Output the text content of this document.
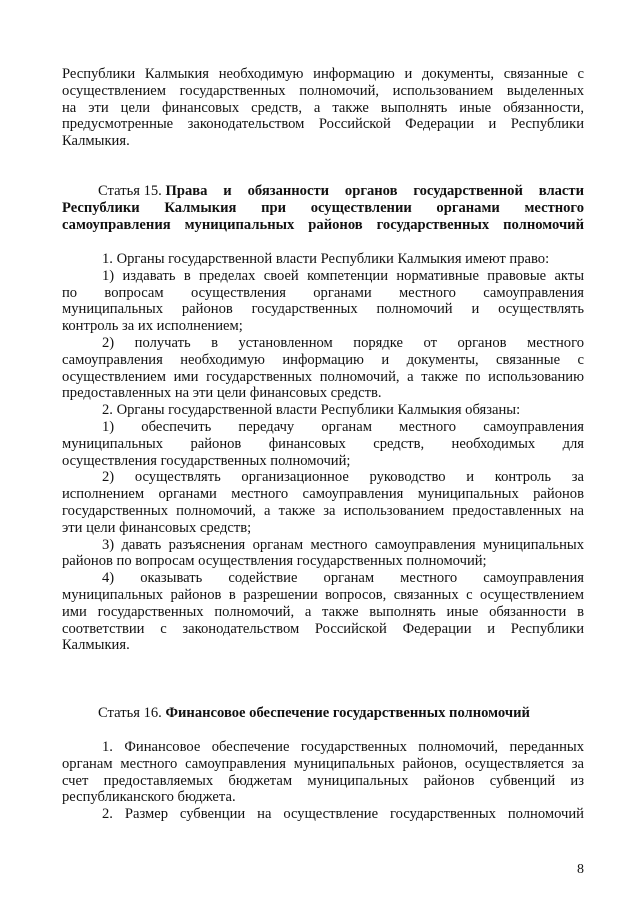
Республики Калмыкия необходимую информацию и документы, связанные с
осуществлением государственных полномочий, использованием выделенных
на эти цели финансовых средств, а также выполнять иные обязанности,
предусмотренные законодательством Российской Федерации и Республики
Калмыкия.
Статья 15. Права и обязанности органов государственной власти
Республики Калмыкия при осуществлении органами местного
самоуправления муниципальных районов государственных полномочий
1. Органы государственной власти Республики Калмыкия имеют право:
1) издавать в пределах своей компетенции нормативные правовые акты
по вопросам осуществления органами местного самоуправления
муниципальных районов государственных полномочий и осуществлять
контроль за их исполнением;
2) получать в установленном порядке от органов местного
самоуправления необходимую информацию и документы, связанные с
осуществлением ими государственных полномочий, а также по использованию
предоставленных на эти цели финансовых средств.
2. Органы государственной власти Республики Калмыкия обязаны:
1) обеспечить передачу органам местного самоуправления
муниципальных районов финансовых средств, необходимых для
осуществления государственных полномочий;
2) осуществлять организационное руководство и контроль за
исполнением органами местного самоуправления муниципальных районов
государственных полномочий, а также за использованием предоставленных на
эти цели финансовых средств;
3) давать разъяснения органам местного самоуправления муниципальных
районов по вопросам осуществления государственных полномочий;
4) оказывать содействие органам местного самоуправления
муниципальных районов в разрешении вопросов, связанных с осуществлением
ими государственных полномочий, а также выполнять иные обязанности в
соответствии с законодательством Российской Федерации и Республики
Калмыкия.
Статья 16. Финансовое обеспечение государственных полномочий
1. Финансовое обеспечение государственных полномочий, переданных
органам местного самоуправления муниципальных районов, осуществляется за
счет предоставляемых бюджетам муниципальных районов субвенций из
республиканского бюджета.
2. Размер субвенции на осуществление государственных полномочий
8
